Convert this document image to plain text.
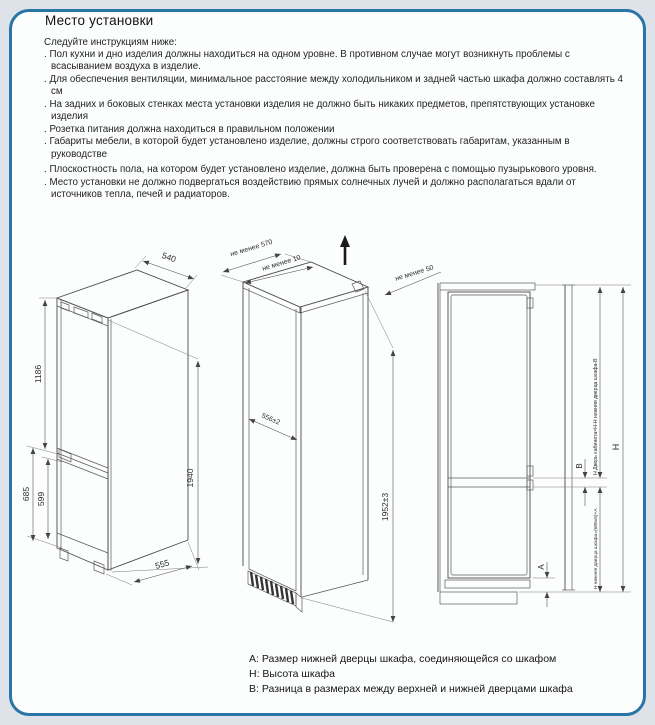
Место установки
Следуйте инструкциям ниже:
. Пол кухни и дно изделия должны находиться на одном уровне. В противном случае могут возникнуть проблемы с всасыванием воздуха в изделие.
. Для обеспечения вентиляции, минимальное расстояние между холодильником и задней частью шкафа должно составлять 4 см
. На задних и боковых стенках места установки изделия не должно быть никаких предметов, препятствующих установке изделия
. Розетка питания должна находиться в правильном положении
. Габариты мебели, в которой будет установлено изделие, должны строго соответствовать габаритам, указанным в руководстве
. Плоскостность пола, на котором будет установлено изделие, должна быть проверена с помощью пузырькового уровня.
. Место установки не должно подвергаться воздействию прямых солнечных лучей и должно располагаться вдали от источников тепла, печей и радиаторов.
540
1186
685 599
1940
555
не менее 570
не менее 10
не менее 50
556±2
1952±3
B
A
Н
Н Дверь кабинета=Н-Н нижняя дверца шкафа-В
Н нижняя дверца шкафа=(685±5)+А
A: Размер нижней дверцы шкафа, соединяющейся со шкафом
H: Высота шкафа
B: Разница в размерах между верхней и нижней дверцами шкафа
